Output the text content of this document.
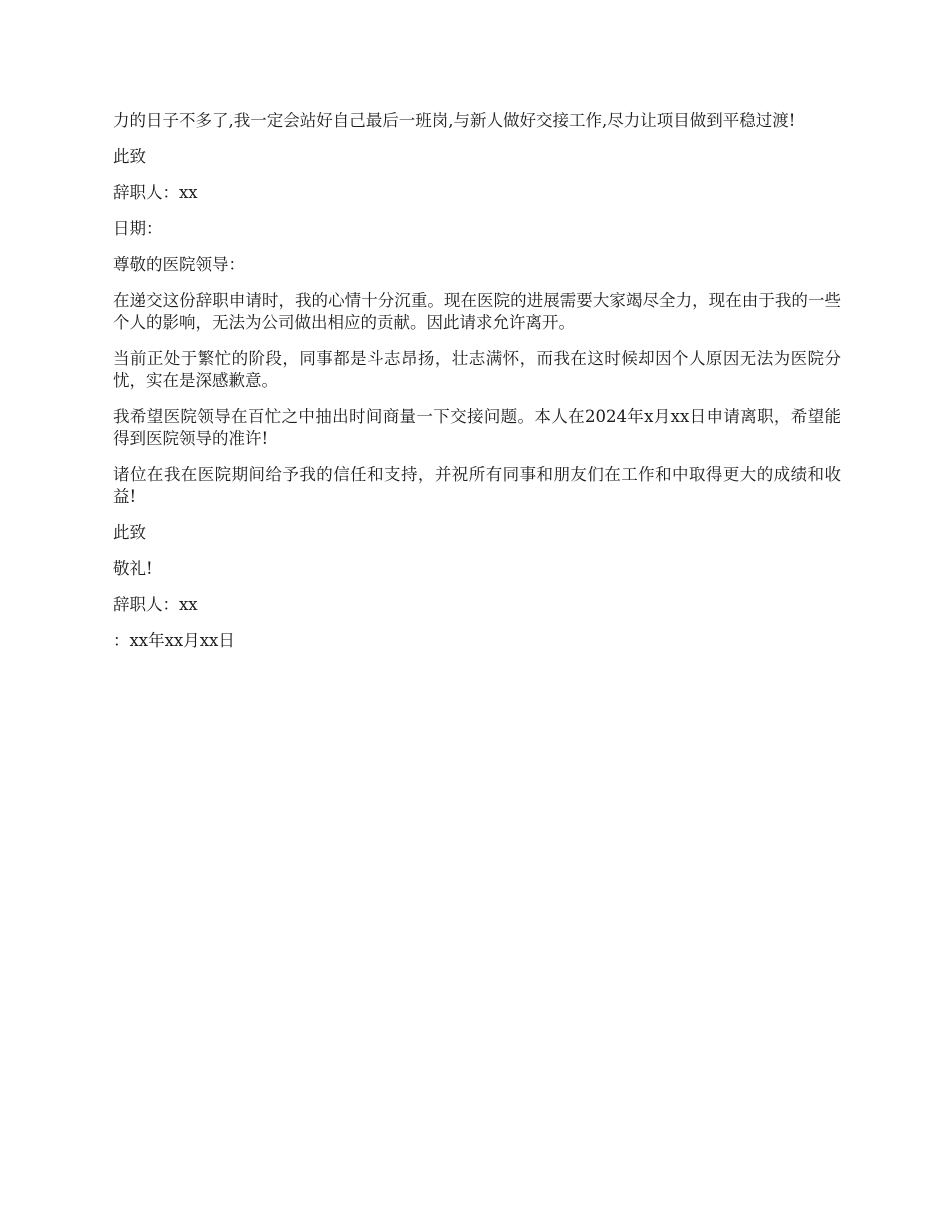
力的日子不多了,我一定会站好自己最后一班岗,与新人做好交接工作,尽力让项目做到平稳过渡!

此致

辞职人：xx

日期：

尊敬的医院领导：

在递交这份辞职申请时，我的心情十分沉重。现在医院的进展需要大家竭尽全力，现在由于我的一些个人的影响，无法为公司做出相应的贡献。因此请求允许离开。

当前正处于繁忙的阶段，同事都是斗志昂扬，壮志满怀，而我在这时候却因个人原因无法为医院分忧，实在是深感歉意。

我希望医院领导在百忙之中抽出时间商量一下交接问题。本人在2024年x月xx日申请离职，希望能得到医院领导的准许!

诸位在我在医院期间给予我的信任和支持，并祝所有同事和朋友们在工作和中取得更大的成绩和收益!

此致

敬礼!

辞职人：xx

：xx年xx月xx日
